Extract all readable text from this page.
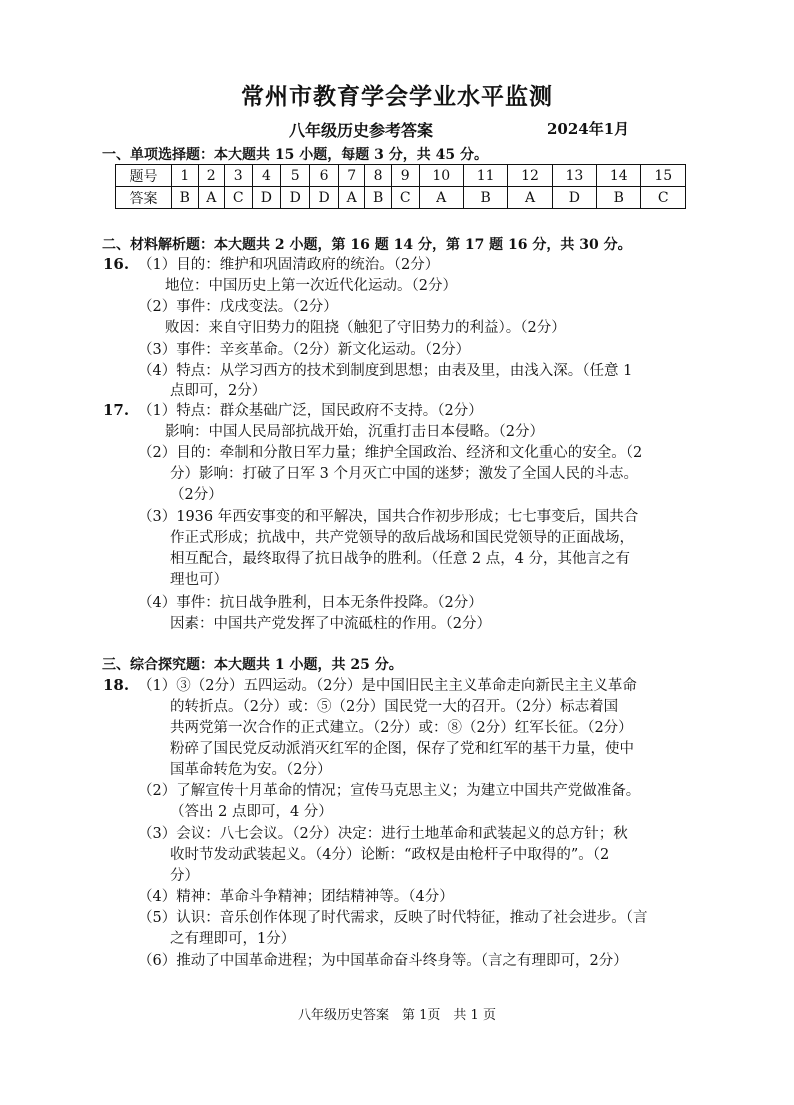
常州市教育学会学业水平监测
八年级历史参考答案	2024年1月
一、单项选择题：本大题共 15 小题，每题 3 分，共 45 分。
题号	1	2	3	4	5	6	7	8	9	10	11	12	13	14	15
答案	B	A	C	D	D	D	A	B	C	A	B	A	D	B	C
二、材料解析题：本大题共 2 小题，第 16 题 14 分，第 17 题 16 分，共 30 分。
16. （1）目的：维护和巩固清政府的统治。（2分）
地位：中国历史上第一次近代化运动。（2分）
（2）事件：戊戌变法。（2分）
败因：来自守旧势力的阻挠（触犯了守旧势力的利益）。（2分）
（3）事件：辛亥革命。（2分）新文化运动。（2分）
（4）特点：从学习西方的技术到制度到思想；由表及里，由浅入深。（任意 1
点即可，2分）
17. （1）特点：群众基础广泛，国民政府不支持。（2分）
影响：中国人民局部抗战开始，沉重打击日本侵略。（2分）
（2）目的：牵制和分散日军力量；维护全国政治、经济和文化重心的安全。（2
分）影响：打破了日军 3 个月灭亡中国的迷梦；激发了全国人民的斗志。
（2分）
（3）1936 年西安事变的和平解决，国共合作初步形成；七七事变后，国共合
作正式形成；抗战中，共产党领导的敌后战场和国民党领导的正面战场，
相互配合，最终取得了抗日战争的胜利。（任意 2 点，4 分，其他言之有
理也可）
（4）事件：抗日战争胜利，日本无条件投降。（2分）
因素：中国共产党发挥了中流砥柱的作用。（2分）
三、综合探究题：本大题共 1 小题，共 25 分。
18. （1）③（2分）五四运动。（2分）是中国旧民主主义革命走向新民主主义革命
的转折点。（2分）或：⑤（2分）国民党一大的召开。（2分）标志着国
共两党第一次合作的正式建立。（2分）或：⑧（2分）红军长征。（2分）
粉碎了国民党反动派消灭红军的企图，保存了党和红军的基干力量，使中
国革命转危为安。（2分）
（2）了解宣传十月革命的情况；宣传马克思主义；为建立中国共产党做准备。
（答出 2 点即可，4 分）
（3）会议：八七会议。（2分）决定：进行土地革命和武装起义的总方针；秋
收时节发动武装起义。（4分）论断：“政权是由枪杆子中取得的”。（2
分）
（4）精神：革命斗争精神；团结精神等。（4分）
（5）认识：音乐创作体现了时代需求，反映了时代特征，推动了社会进步。（言
之有理即可，1分）
（6）推动了中国革命进程；为中国革命奋斗终身等。（言之有理即可，2分）
八年级历史答案　第 1页　共 1 页
